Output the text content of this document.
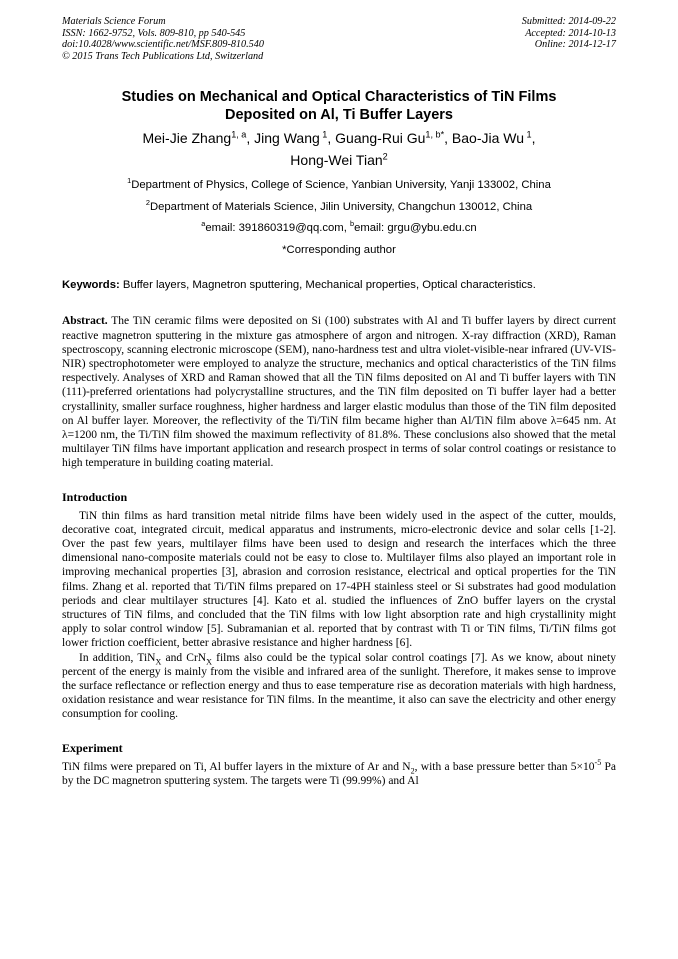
Materials Science Forum
ISSN: 1662-9752, Vols. 809-810, pp 540-545
doi:10.4028/www.scientific.net/MSF.809-810.540
© 2015 Trans Tech Publications Ltd, Switzerland
Submitted: 2014-09-22
Accepted: 2014-10-13
Online: 2014-12-17
Studies on Mechanical and Optical Characteristics of TiN Films Deposited on Al, Ti Buffer Layers
Mei-Jie Zhang$^{1, a}$, Jing Wang $^1$, Guang-Rui $Gu^{1, b*}$, Bao-Jia Wu $^1$,
Hong-Wei Tian$^2$
$^1$Department of Physics, College of Science, Yanbian University, Yanji 133002, China
$^2$Department of Materials Science, Jilin University, Changchun 130012, China
$^a$email: 391860319@qq.com, $^b$email: grgu@ybu.edu.cn
*Corresponding author
Keywords: Buffer layers, Magnetron sputtering, Mechanical properties, Optical characteristics.
Abstract. The TiN ceramic films were deposited on Si (100) substrates with Al and Ti buffer layers by direct current reactive magnetron sputtering in the mixture gas atmosphere of argon and nitrogen. X-ray diffraction (XRD), Raman spectroscopy, scanning electronic microscope (SEM), nano-hardness test and ultra violet-visible-near infrared (UV-VIS-NIR) spectrophotometer were employed to analyze the structure, mechanics and optical characteristics of the TiN films respectively. Analyses of XRD and Raman showed that all the TiN films deposited on Al and Ti buffer layers with TiN (111)-preferred orientations had polycrystalline structures, and the TiN film deposited on Ti buffer layer had a better crystallinity, smaller surface roughness, higher hardness and larger elastic modulus than those of the TiN film deposited on Al buffer layer. Moreover, the reflectivity of the Ti/TiN film became higher than Al/TiN film above λ=645 nm. At λ=1200 nm, the Ti/TiN film showed the maximum reflectivity of 81.8%. These conclusions also showed that the metal multilayer TiN films have important application and research prospect in terms of solar control coatings or resistance to high temperature in building coating material.
Introduction
TiN thin films as hard transition metal nitride films have been widely used in the aspect of the cutter, moulds, decorative coat, integrated circuit, medical apparatus and instruments, micro-electronic device and solar cells [1-2]. Over the past few years, multilayer films have been used to design and research the interfaces which the three dimensional nano-composite materials could not be easy to close to. Multilayer films also played an important role in improving mechanical properties [3], abrasion and corrosion resistance, electrical and optical properties for the TiN films. Zhang et al. reported that Ti/TiN films prepared on 17-4PH stainless steel or Si substrates had good modulation periods and clear multilayer structures [4]. Kato et al. studied the influences of ZnO buffer layers on the crystal structures of TiN films, and concluded that the TiN films with low light absorption rate and high crystallinity might apply to solar control window [5]. Subramanian et al. reported that by contrast with Ti or TiN films, Ti/TiN films got lower friction coefficient, better abrasive resistance and higher hardness [6].
In addition, TiN$_X$ and CrN$_X$ films also could be the typical solar control coatings [7]. As we know, about ninety percent of the energy is mainly from the visible and infrared area of the sunlight. Therefore, it makes sense to improve the surface reflectance or reflection energy and thus to ease temperature rise as decoration materials with high hardness, oxidation resistance and wear resistance for TiN films. In the meantime, it also can save the electricity and other energy consumption for cooling.
Experiment
TiN films were prepared on Ti, Al buffer layers in the mixture of Ar and $N_2$, with a base pressure better than $5\times 10^{-5}$ Pa by the DC magnetron sputtering system. The targets were Ti (99.99%) and Al
